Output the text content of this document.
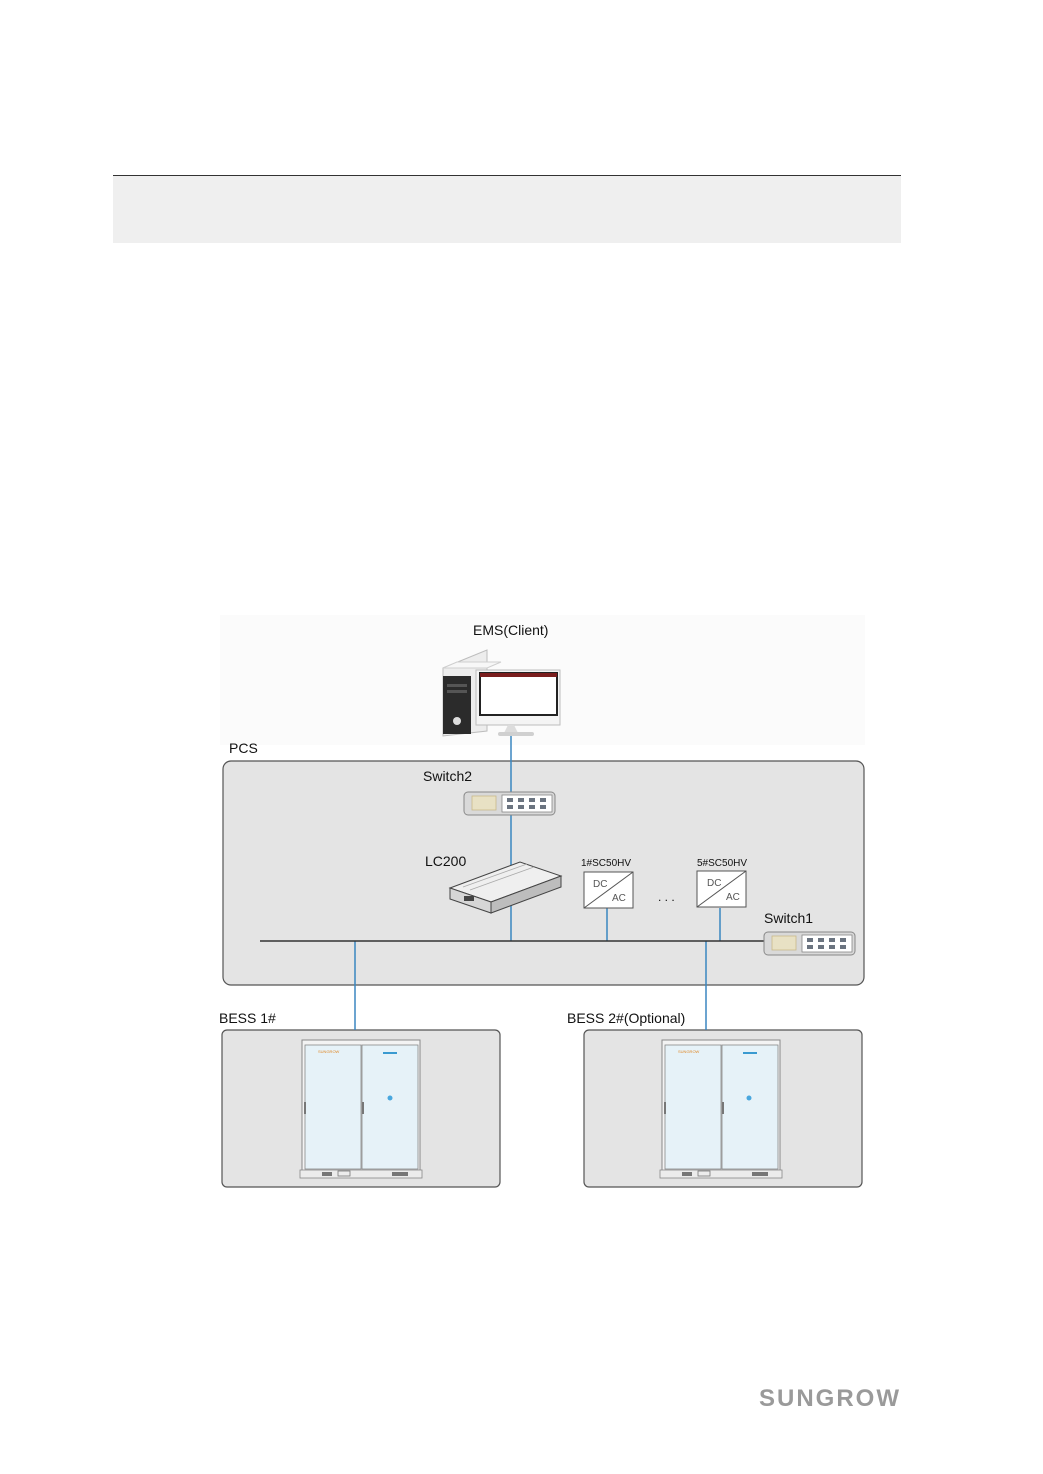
EMS(Client)
PCS
Switch2
LC200	1#SC50HV	5#SC50HV
DC
AC
DC
AC
. . .
Switch1
BESS 1#	BESS 2#(Optional)
SUNGROW	SUNGROW
SUNGROW
